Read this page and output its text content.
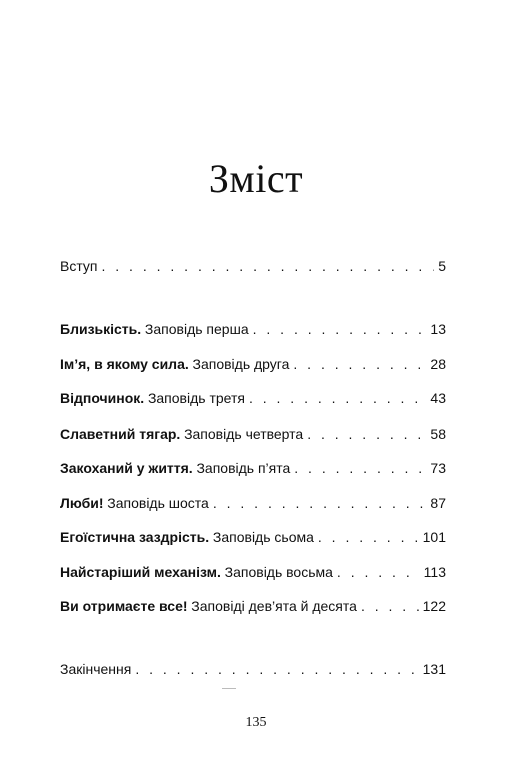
Зміст
Вступ . . .	5
Близькість. Заповідь перша . . .	13
Ім’я, в якому сила. Заповідь друга . . .	28
Відпочинок. Заповідь третя . . .	43
Славетний тягар. Заповідь четверта . . .	58
Закоханий у життя. Заповідь п’ята . . .	73
Люби! Заповідь шоста . . .	87
Егоїстична заздрість. Заповідь сьома . . .	101
Найстаріший механізм. Заповідь восьма . . .	113
Ви отримаєте все! Заповіді дев’ята й десята . . .	122
Закінчення . . .	131
135
